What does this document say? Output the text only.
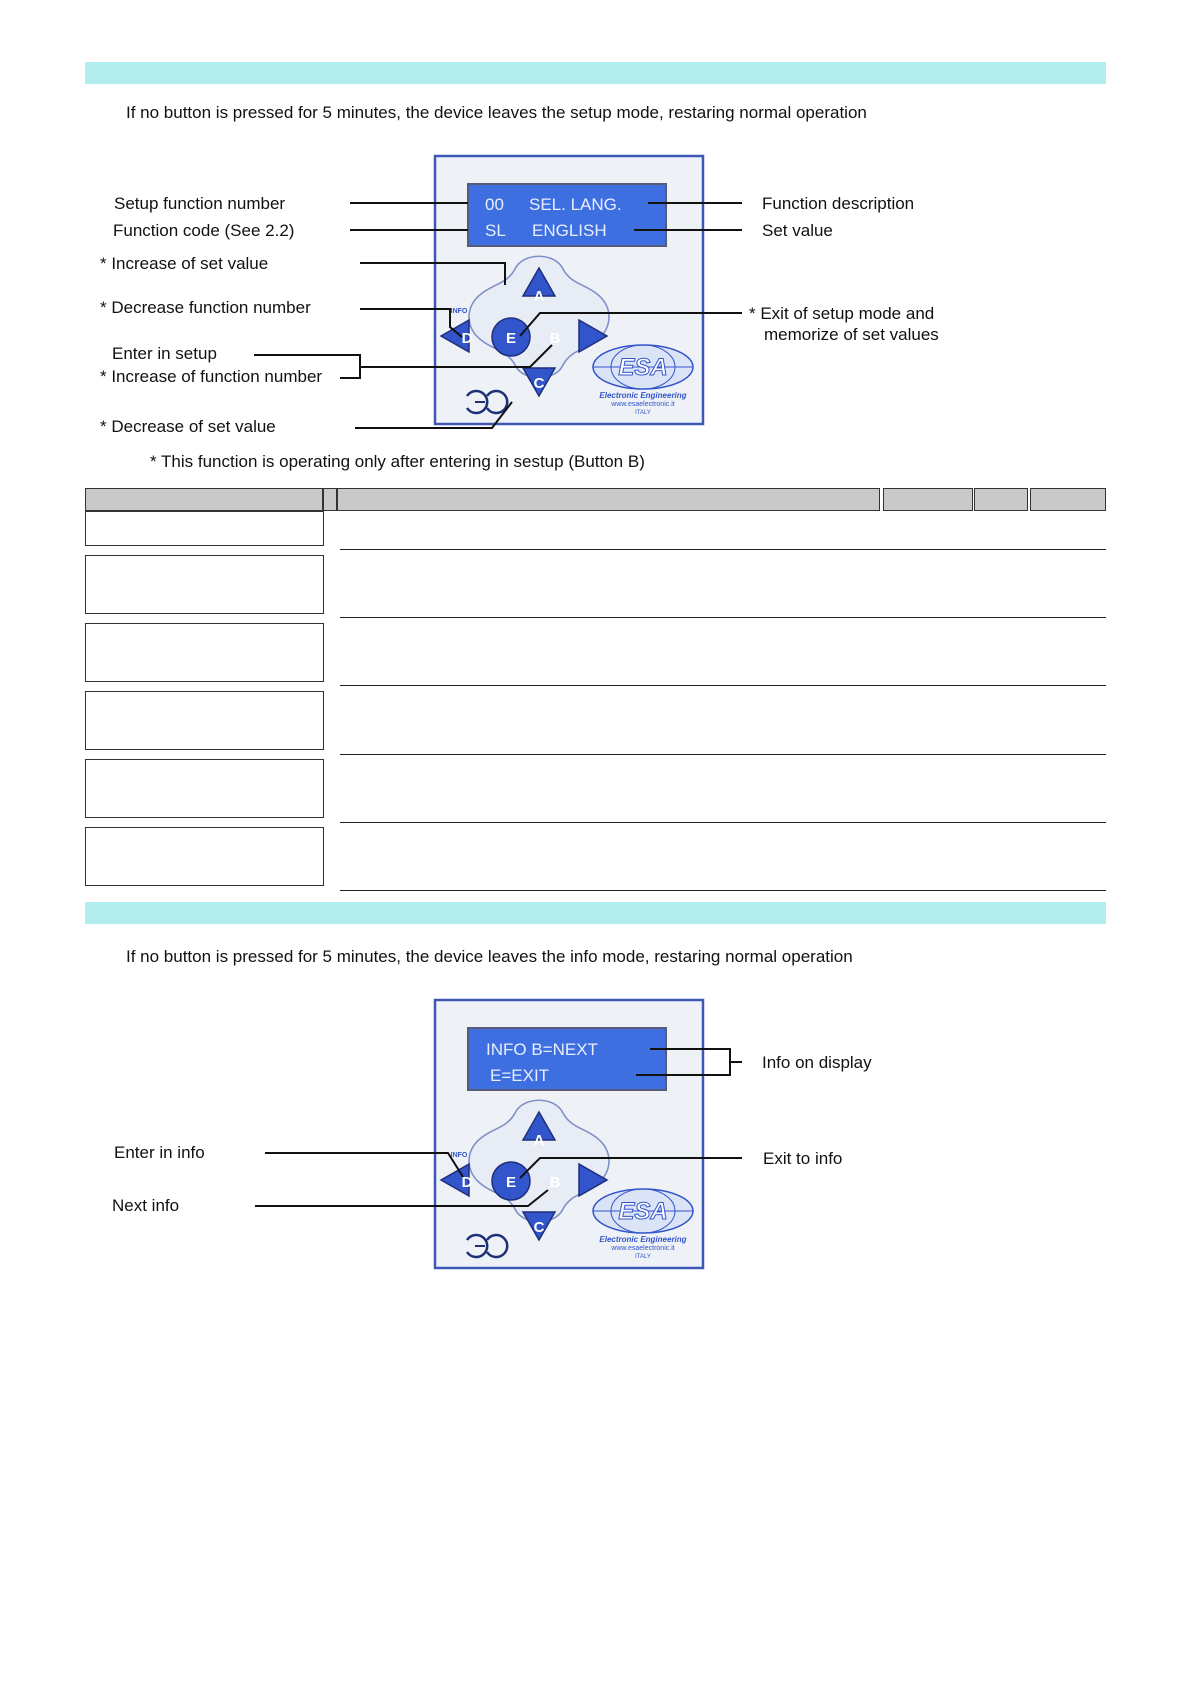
If no button is pressed for 5 minutes, the device leaves the setup mode, restaring normal operation
If no button is pressed for 5 minutes, the device leaves the info mode, restaring normal operation
00 SEL. LANG.
SL ENGLISH
A
D E B
C
INFO
ESA
Electronic Engineering
www.esaelectronic.it
ITALY
INFO B=NEXT
E=EXIT
A
D E B
C
INFO
ESA
Electronic Engineering
www.esaelectronic.it
ITALY
Setup function number
Function code (See 2.2)
* Increase of set value
* Decrease function number
Enter in setup
* Increase of function number
* Decrease of set value
Function description
Set value
* Exit of setup mode and
memorize of set values
* This function is operating only after entering in sestup (Button B)
Info on display
Enter in info
Next info
Exit to info
